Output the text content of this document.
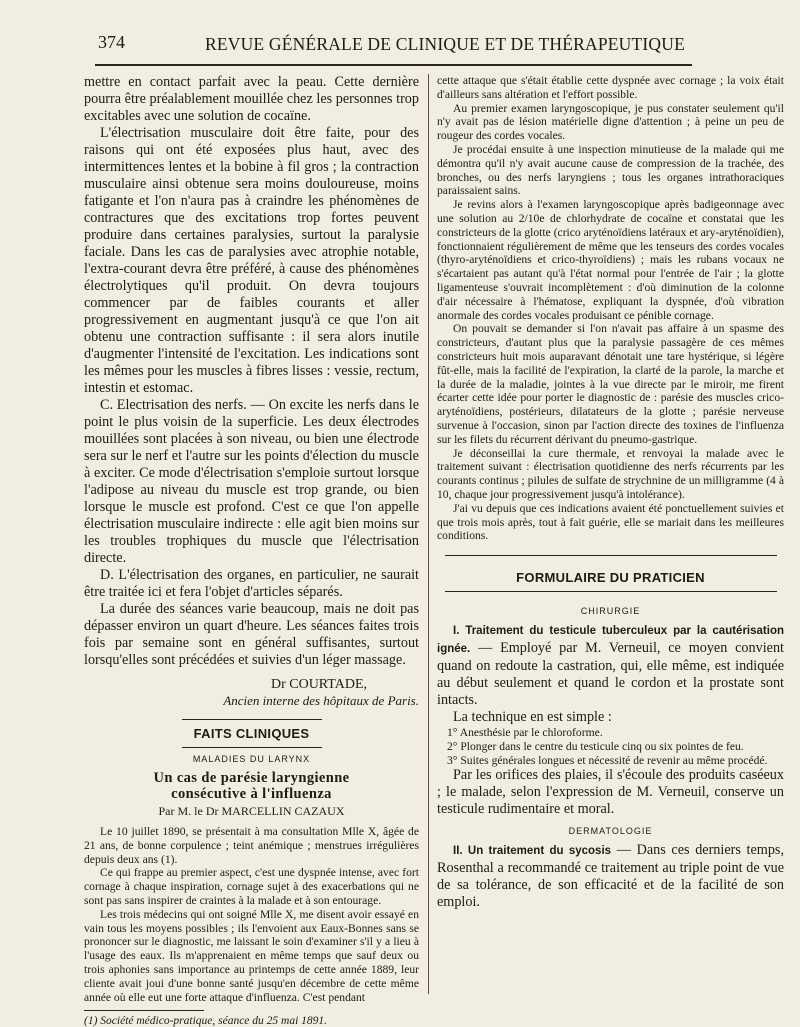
374	REVUE GÉNÉRALE DE CLINIQUE ET DE THÉRAPEUTIQUE

mettre en contact parfait avec la peau. Cette dernière pourra être préalablement mouillée chez les personnes trop excitables avec une solution de cocaïne.

L'électrisation musculaire doit être faite, pour des raisons qui ont été exposées plus haut, avec des intermittences lentes et la bobine à fil gros ; la contraction musculaire ainsi obtenue sera moins douloureuse, moins fatigante et l'on n'aura pas à craindre les phénomènes de contractures que des excitations trop fortes peuvent produire dans certaines paralysies, surtout la paralysie faciale. Dans les cas de paralysies avec atrophie notable, l'extra-courant devra être préféré, à cause des phénomènes électrolytiques qu'il produit. On devra toujours commencer par de faibles courants et aller progressivement en augmentant jusqu'à ce que l'on ait obtenu une contraction suffisante : il sera alors inutile d'augmenter l'intensité de l'excitation. Les indications sont les mêmes pour les muscles à fibres lisses : vessie, rectum, intestin et estomac.

C. Electrisation des nerfs. — On excite les nerfs dans le point le plus voisin de la superficie. Les deux électrodes mouillées sont placées à son niveau, ou bien une électrode sera sur le nerf et l'autre sur les points d'élection du muscle à exciter. Ce mode d'électrisation s'emploie surtout lorsque l'adipose au niveau du muscle est trop grande, ou bien lorsque le muscle est profond. C'est ce que l'on appelle électrisation musculaire indirecte : elle agit bien moins sur les troubles trophiques du muscle que l'électrisation directe.

D. L'électrisation des organes, en particulier, ne saurait être traitée ici et fera l'objet d'articles séparés.

La durée des séances varie beaucoup, mais ne doit pas dépasser environ un quart d'heure. Les séances faites trois fois par semaine sont en général suffisantes, surtout lorsqu'elles sont précédées et suivies d'un léger massage.

Dr COURTADE,
Ancien interne des hôpitaux de Paris.
FAITS CLINIQUES
MALADIES DU LARYNX
Un cas de parésie laryngienne
consécutive à l'influenza
Par M. le Dr MARCELLIN CAZAUX

Le 10 juillet 1890, se présentait à ma consultation Mlle X, âgée de 21 ans, de bonne corpulence ; teint anémique ; menstrues irrégulières depuis deux ans (1).

Ce qui frappe au premier aspect, c'est une dyspnée intense, avec fort cornage à chaque inspiration, cornage sujet à des exacerbations qui ne sont pas sans inspirer de craintes à la malade et à son entourage.

Les trois médecins qui ont soigné Mlle X, me disent avoir essayé en vain tous les moyens possibles ; ils l'envoient aux Eaux-Bonnes sans se prononcer sur le diagnostic, me laissant le soin d'examiner s'il y a lieu à l'usage des eaux. Ils m'apprenaient en même temps que sauf deux ou trois aphonies sans importance au printemps de cette année 1889, leur cliente avait joui d'une bonne santé jusqu'en décembre de cette même année où elle eut une forte attaque d'influenza. C'est pendant

(1) Société médico-pratique, séance du 25 mai 1891.

cette attaque que s'était établie cette dyspnée avec cornage ; la voix était d'ailleurs sans altération et l'effort possible.

Au premier examen laryngoscopique, je pus constater seulement qu'il n'y avait pas de lésion matérielle digne d'attention ; à peine un peu de rougeur des cordes vocales.

Je procédai ensuite à une inspection minutieuse de la malade qui me démontra qu'il n'y avait aucune cause de compression de la trachée, des bronches, ou des nerfs laryngiens ; tous les organes intrathoraciques paraissaient sains.

Je revins alors à l'examen laryngoscopique après badigeonnage avec une solution au 2/10e de chlorhydrate de cocaïne et constatai que les constricteurs de la glotte (crico aryténoïdiens latéraux et ary-aryténoïdien), fonctionnaient régulièrement de même que les tenseurs des cordes vocales (thyro-aryténoïdiens et crico-thyroïdiens) ; mais les rubans vocaux ne s'écartaient pas autant qu'à l'état normal pour l'entrée de l'air ; la glotte ligamenteuse s'ouvrait incomplètement : d'où diminution de la colonne d'air nécessaire à l'hématose, expliquant la dyspnée, d'où vibration anormale des cordes vocales produisant ce pénible cornage.

On pouvait se demander si l'on n'avait pas affaire à un spasme des constricteurs, d'autant plus que la paralysie passagère de ces mêmes constricteurs huit mois auparavant dénotait une tare hystérique, si légère fût-elle, mais la facilité de l'expiration, la clarté de la parole, la marche et la durée de la maladie, jointes à la vue directe par le miroir, me firent écarter cette idée pour porter le diagnostic de : parésie des muscles crico-aryténoïdiens, postérieurs, dilatateurs de la glotte ; parésie nerveuse survenue à l'occasion, sinon par l'action directe des toxines de l'influenza sur les filets du récurrent dérivant du pneumo-gastrique.

Je déconseillai la cure thermale, et renvoyai la malade avec le traitement suivant : électrisation quotidienne des nerfs récurrents par les courants continus ; pilules de sulfate de strychnine de un milligramme (4 à 10, chaque jour progressivement jusqu'à intolérance).

J'ai vu depuis que ces indications avaient été ponctuellement suivies et que trois mois après, tout à fait guérie, elle se mariait dans les meilleures conditions.

FORMULAIRE DU PRATICIEN
CHIRURGIE

I. Traitement du testicule tuberculeux par la cautérisation ignée. — Employé par M. Verneuil, ce moyen convient quand on redoute la castration, qui, elle même, est indiquée au début seulement et quand le cordon et la prostate sont intacts.

La technique en est simple :

1° Anesthésie par le chloroforme.
2° Plonger dans le centre du testicule cinq ou six pointes de feu.
3° Suites générales longues et nécessité de revenir au même procédé.

Par les orifices des plaies, il s'écoule des produits caséeux ; le malade, selon l'expression de M. Verneuil, conserve un testicule rudimentaire et moral.

DERMATOLOGIE

II. Un traitement du sycosis — Dans ces derniers temps, Rosenthal a recommandé ce traitement au triple point de vue de sa tolérance, de son efficacité et de la facilité de son emploi.
